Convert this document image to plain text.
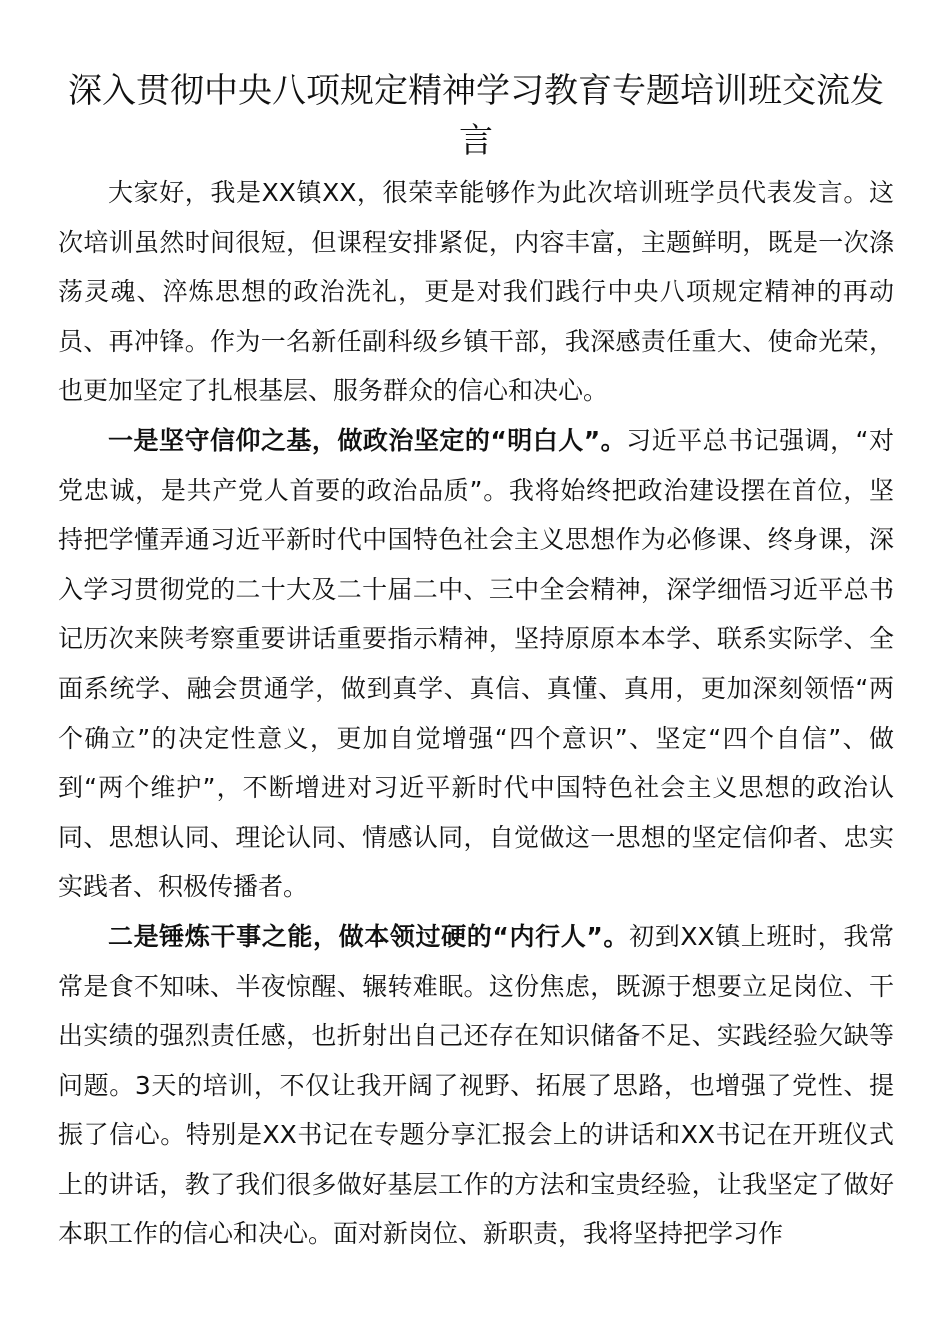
深入贯彻中央八项规定精神学习教育专题培训班交流发言

大家好，我是XX镇XX，很荣幸能够作为此次培训班学员代表发言。这次培训虽然时间很短，但课程安排紧促，内容丰富，主题鲜明，既是一次涤荡灵魂、淬炼思想的政治洗礼，更是对我们践行中央八项规定精神的再动员、再冲锋。作为一名新任副科级乡镇干部，我深感责任重大、使命光荣，也更加坚定了扎根基层、服务群众的信心和决心。

一是坚守信仰之基，做政治坚定的“明白人”。习近平总书记强调，“对党忠诚，是共产党人首要的政治品质”。我将始终把政治建设摆在首位，坚持把学懂弄通习近平新时代中国特色社会主义思想作为必修课、终身课，深入学习贯彻党的二十大及二十届二中、三中全会精神，深学细悟习近平总书记历次来陕考察重要讲话重要指示精神，坚持原原本本学、联系实际学、全面系统学、融会贯通学，做到真学、真信、真懂、真用，更加深刻领悟“两个确立”的决定性意义，更加自觉增强“四个意识”、坚定“四个自信”、做到“两个维护”，不断增进对习近平新时代中国特色社会主义思想的政治认同、思想认同、理论认同、情感认同，自觉做这一思想的坚定信仰者、忠实实践者、积极传播者。

二是锤炼干事之能，做本领过硬的“内行人”。初到XX镇上班时，我常常是食不知味、半夜惊醒、辗转难眠。这份焦虑，既源于想要立足岗位、干出实绩的强烈责任感，也折射出自己还存在知识储备不足、实践经验欠缺等问题。3天的培训，不仅让我开阔了视野、拓展了思路，也增强了党性、提振了信心。特别是XX书记在专题分享汇报会上的讲话和XX书记在开班仪式上的讲话，教了我们很多做好基层工作的方法和宝贵经验，让我坚定了做好本职工作的信心和决心。面对新岗位、新职责，我将坚持把学习作
